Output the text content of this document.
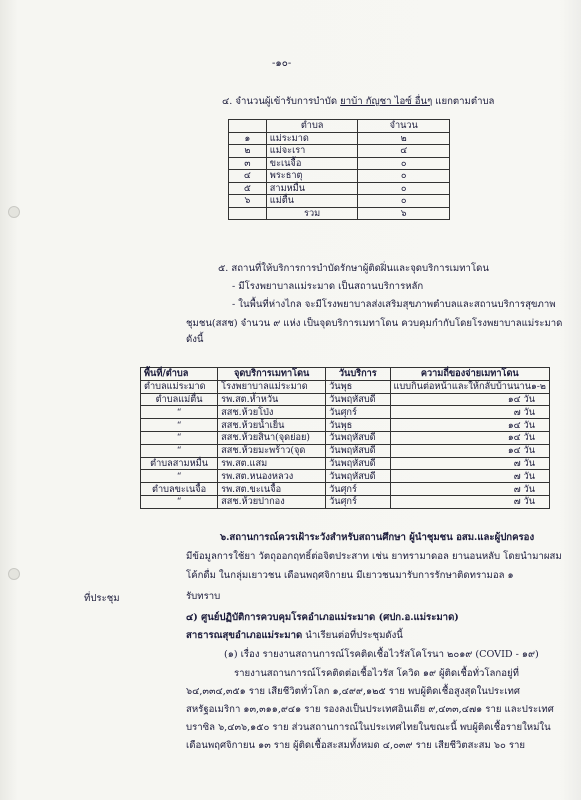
-๑๐-
๔. จำนวนผู้เข้ารับการบำบัด ยาบ้า กัญชา ไอซ์ อื่นๆ แยกตามตำบล
	ตำบล	จำนวน
๑	แม่ระมาด	๒
๒	แม่จะเรา	๔
๓	ขะเนจื้อ	๐
๔	พระธาตุ	๐
๕	สามหมื่น	๐
๖	แม่ตื่น	๐
	รวม	๖
๕. สถานที่ให้บริการการบำบัดรักษาผู้ติดฝิ่นและจุดบริการเมทาโดน
- มีโรงพยาบาลแม่ระมาด เป็นสถานบริการหลัก
- ในพื้นที่ห่างไกล จะมีโรงพยาบาลส่งเสริมสุขภาพตำบลและสถานบริการสุขภาพ
ชุมชน(สสช) จำนวน ๙ แห่ง เป็นจุดบริการเมทาโดน ควบคุมกำกับโดยโรงพยาบาลแม่ระมาด
ดังนี้
พื้นที่/ตำบล	จุดบริการเมทาโดน	วันบริการ	ความถี่ของจ่ายเมทาโดน
ตำบลแม่ระมาด	โรงพยาบาลแม่ระมาด	วันพุธ	แบบกินต่อหน้าและให้กลับบ้านนาน๑-๒
ตำบลแม่ตื่น	รพ.สต.ห้ำหวัน	วันพฤหัสบดี	๑๔ วัน
“	สสช.ห้วยโป่ง	วันศุกร์	๗ วัน
“	สสช.ห้วยน้ำเย็น	วันพุธ	๑๔ วัน
“	สสช.ห้วยสินา(จุดย่อย)	วันพฤหัสบดี	๑๔ วัน
“	สสช.ห้วยมะพร้าว(จุด	วันพฤหัสบดี	๑๔ วัน
ตำบลสามหมื่น	รพ.สต.แสม	วันพฤหัสบดี	๗ วัน
“	รพ.สต.หนองหลวง	วันพฤหัสบดี	๗ วัน
ตำบลขะเนจื้อ	รพ.สต.ขะเนจื้อ	วันศุกร์	๗ วัน
“	สสช.ห้วยปากอง	วันศุกร์	๗ วัน
๖.สถานการณ์ควรเฝ้าระวังสำหรับสถานศึกษา ผู้นำชุมชน อสม.และผู้ปกครอง
มีข้อมูลการใช้ยา วัตถุออกฤทธิ์ต่อจิตประสาท เช่น ยาทรามาดอล ยานอนหลับ โดยนำมาผสม
โค้กดื่ม ในกลุ่มเยาวชน เดือนพฤศจิกายน มีเยาวชนมารับการรักษาติดทรามอล ๑
ที่ประชุม	รับทราบ
๔) ศูนย์ปฏิบัติการควบคุมโรคอำเภอแม่ระมาด (ศปก.อ.แม่ระมาด)
สาธารณสุขอำเภอแม่ระมาด นำเรียนต่อที่ประชุมดังนี้
(๑) เรื่อง รายงานสถานการณ์โรคติดเชื้อไวรัสโคโรนา ๒๐๑๙ (COVID - ๑๙)
รายงานสถานการณ์โรคติดต่อเชื้อไวรัส โควิด ๑๙ ผู้ติดเชื้อทั่วโลกอยู่ที่
๖๔,๓๓๔,๓๕๑ ราย เสียชีวิตทั่วโลก ๑,๔๙๙,๑๒๕ ราย พบผู้ติดเชื้อสูงสุดในประเทศ
สหรัฐอเมริกา ๑๓,๓๑๑,๙๔๑ ราย รองลงเป็นประเทศอินเดีย ๙,๔๓๓,๔๗๑ ราย และประเทศ
บราซิล ๖,๔๓๖,๑๕๐ ราย ส่วนสถานการณ์ในประเทศไทยในขณะนี้ พบผู้ติดเชื้อรายใหม่ใน
เดือนพฤศจิกายน ๑๓ ราย ผู้ติดเชื้อสะสมทั้งหมด ๔,๐๓๙ ราย เสียชีวิตสะสม ๖๐ ราย
